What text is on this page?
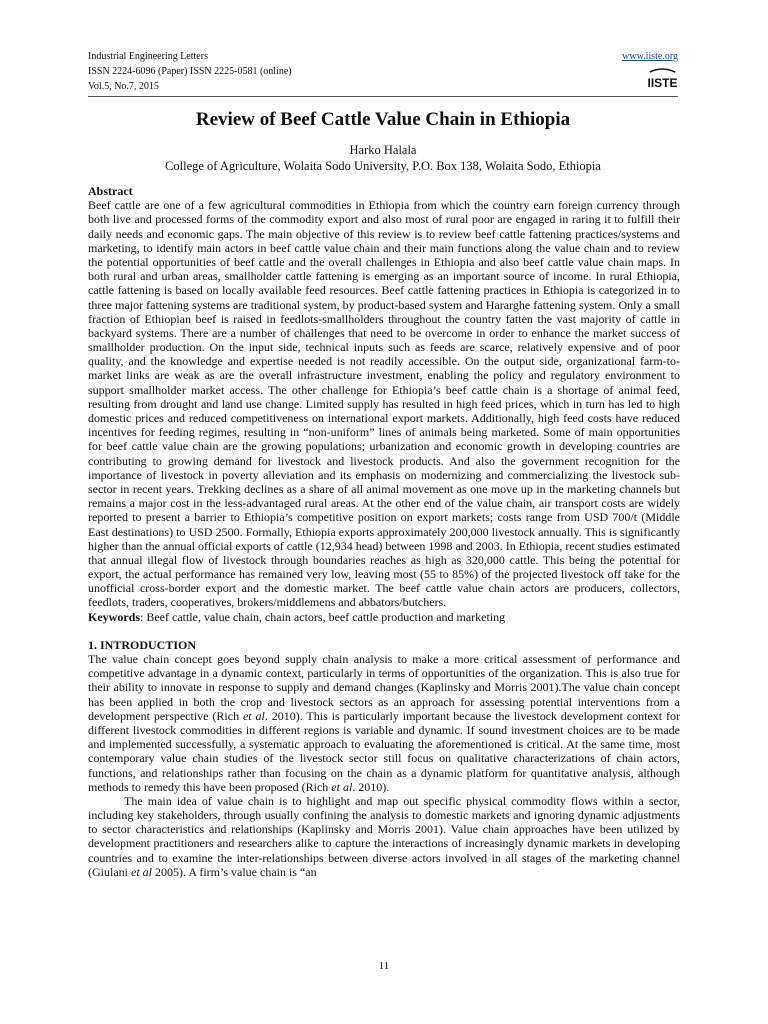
Industrial Engineering Letters
ISSN 2224-6096 (Paper) ISSN 2225-0581 (online)
Vol.5, No.7, 2015
www.iiste.org
IISTE
Review of Beef Cattle Value Chain in Ethiopia
Harko Halala
College of Agriculture, Wolaita Sodo University, P.O. Box 138, Wolaita Sodo, Ethiopia
Abstract

Beef cattle are one of a few agricultural commodities in Ethiopia from which the country earn foreign currency through both live and processed forms of the commodity export and also most of rural poor are engaged in raring it to fulfill their daily needs and economic gaps. The main objective of this review is to review beef cattle fattening practices/systems and marketing, to identify main actors in beef cattle value chain and their main functions along the value chain and to review the potential opportunities of beef cattle and the overall challenges in Ethiopia and also beef cattle value chain maps. In both rural and urban areas, smallholder cattle fattening is emerging as an important source of income. In rural Ethiopia, cattle fattening is based on locally available feed resources. Beef cattle fattening practices in Ethiopia is categorized in to three major fattening systems are traditional system, by product-based system and Hararghe fattening system. Only a small fraction of Ethiopian beef is raised in feedlots-smallholders throughout the country fatten the vast majority of cattle in backyard systems. There are a number of challenges that need to be overcome in order to enhance the market success of smallholder production. On the input side, technical inputs such as feeds are scarce, relatively expensive and of poor quality, and the knowledge and expertise needed is not readily accessible. On the output side, organizational farm-to-market links are weak as are the overall infrastructure investment, enabling the policy and regulatory environment to support smallholder market access. The other challenge for Ethiopia’s beef cattle chain is a shortage of animal feed, resulting from drought and land use change. Limited supply has resulted in high feed prices, which in turn has led to high domestic prices and reduced competitiveness on international export markets. Additionally, high feed costs have reduced incentives for feeding regimes, resulting in “non-uniform” lines of animals being marketed. Some of main opportunities for beef cattle value chain are the growing populations; urbanization and economic growth in developing countries are contributing to growing demand for livestock and livestock products. And also the government recognition for the importance of livestock in poverty alleviation and its emphasis on modernizing and commercializing the livestock sub-sector in recent years. Trekking declines as a share of all animal movement as one move up in the marketing channels but remains a major cost in the less-advantaged rural areas. At the other end of the value chain, air transport costs are widely reported to present a barrier to Ethiopia’s competitive position on export markets; costs range from USD 700/t (Middle East destinations) to USD 2500. Formally, Ethiopia exports approximately 200,000 livestock annually. This is significantly higher than the annual official exports of cattle (12,934 head) between 1998 and 2003. In Ethiopia, recent studies estimated that annual illegal flow of livestock through boundaries reaches as high as 320,000 cattle. This being the potential for export, the actual performance has remained very low, leaving most (55 to 85%) of the projected livestock off take for the unofficial cross-border export and the domestic market. The beef cattle value chain actors are producers, collectors, feedlots, traders, cooperatives, brokers/middlemens and abbators/butchers.

Keywords: Beef cattle, value chain, chain actors, beef cattle production and marketing

1. INTRODUCTION

The value chain concept goes beyond supply chain analysis to make a more critical assessment of performance and competitive advantage in a dynamic context, particularly in terms of opportunities of the organization. This is also true for their ability to innovate in response to supply and demand changes (Kaplinsky and Morris 2001).The value chain concept has been applied in both the crop and livestock sectors as an approach for assessing potential interventions from a development perspective (Rich et al. 2010). This is particularly important because the livestock development context for different livestock commodities in different regions is variable and dynamic. If sound investment choices are to be made and implemented successfully, a systematic approach to evaluating the aforementioned is critical. At the same time, most contemporary value chain studies of the livestock sector still focus on qualitative characterizations of chain actors, functions, and relationships rather than focusing on the chain as a dynamic platform for quantitative analysis, although methods to remedy this have been proposed (Rich et al. 2010).

The main idea of value chain is to highlight and map out specific physical commodity flows within a sector, including key stakeholders, through usually confining the analysis to domestic markets and ignoring dynamic adjustments to sector characteristics and relationships (Kaplinsky and Morris 2001). Value chain approaches have been utilized by development practitioners and researchers alike to capture the interactions of increasingly dynamic markets in developing countries and to examine the inter-relationships between diverse actors involved in all stages of the marketing channel (Giulani et al 2005). A firm’s value chain is “an

11
